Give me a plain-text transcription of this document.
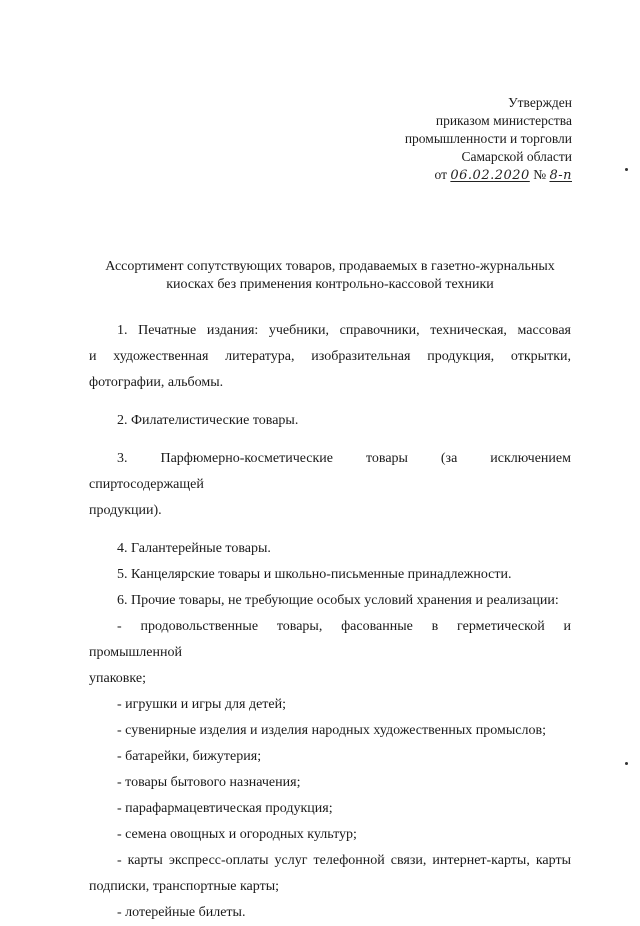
Утвержден
приказом министерства
промышленности и торговли
Самарской области
от 06.02.2020 № 8-п
Ассортимент сопутствующих товаров, продаваемых в газетно-журнальных
киосках без применения контрольно-кассовой техники

1. Печатные издания: учебники, справочники, техническая, массовая

и художественная литература, изобразительная продукция, открытки,

фотографии, альбомы.

2. Филателистические товары.

3. Парфюмерно-косметические товары (за исключением спиртосодержащей

продукции).

4. Галантерейные товары.

5. Канцелярские товары и школьно-письменные принадлежности.

6. Прочие товары, не требующие особых условий хранения и реализации:

- продовольственные товары, фасованные в герметической и промышленной

упаковке;

- игрушки и игры для детей;

- сувенирные изделия и изделия народных художественных промыслов;

- батарейки, бижутерия;

- товары бытового назначения;

- парафармацевтическая продукция;

- семена овощных и огородных культур;

- карты экспресс-оплаты услуг телефонной связи, интернет-карты, карты

подписки, транспортные карты;

- лотерейные билеты.
